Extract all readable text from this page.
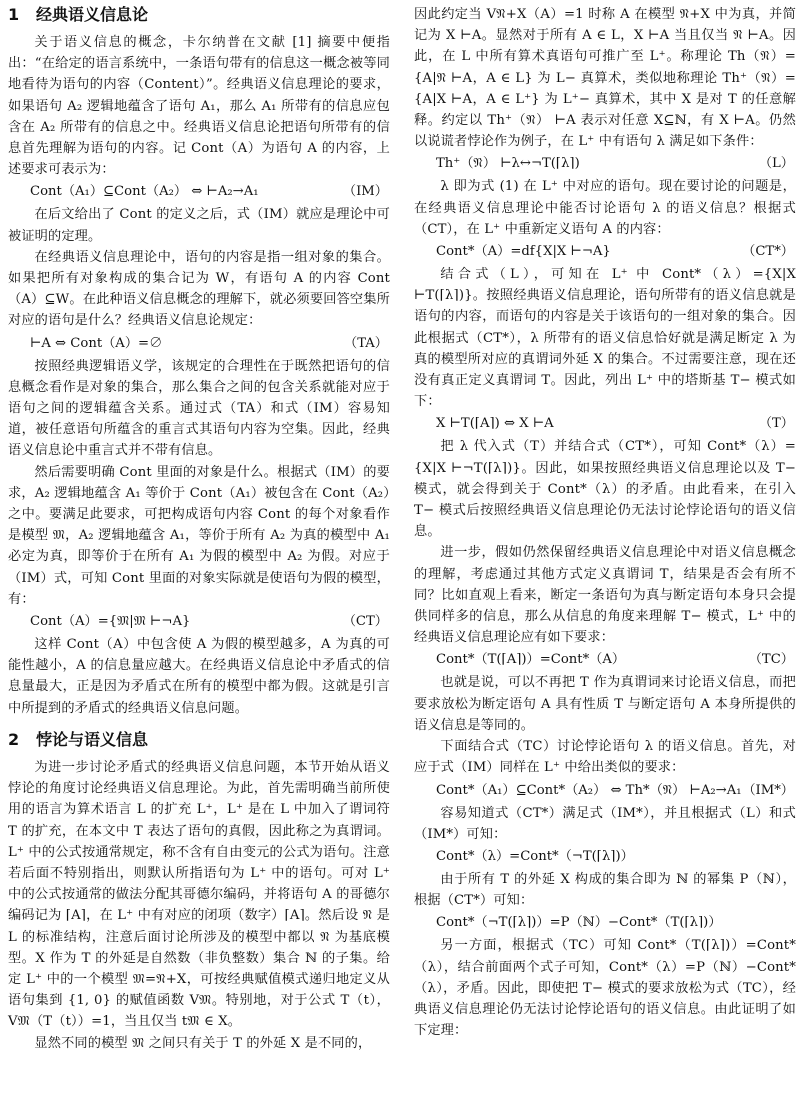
1 经典语义信息论

关于语义信息的概念，卡尔纳普在文献 [1] 摘要中便指出：“在给定的语言系统中，一条语句带有的信息这一概念被等同地看待为语句的内容（Content）”。经典语义信息理论的要求，如果语句 A₂ 逻辑地蕴含了语句 A₁，那么 A₁ 所带有的信息应包含在 A₂ 所带有的信息之中。经典语义信息论把语句所带有的信息首先理解为语句的内容。记 Cont（A）为语句 A 的内容，上述要求可表示为：

Cont（A₁）⊆Cont（A₂） ⇔ ⊢A₂→A₁	（IM）

在后文给出了 Cont 的定义之后，式（IM）就应是理论中可被证明的定理。

在经典语义信息理论中，语句的内容是指一组对象的集合。如果把所有对象构成的集合记为 W，有语句 A 的内容 Cont（A）⊆W。在此种语义信息概念的理解下，就必须要回答空集所对应的语句是什么？经典语义信息论规定：

⊢A ⇔ Cont（A）=∅	（TA）

按照经典逻辑语义学，该规定的合理性在于既然把语句的信息概念看作是对象的集合，那么集合之间的包含关系就能对应于语句之间的逻辑蕴含关系。通过式（TA）和式（IM）容易知道，被任意语句所蕴含的重言式其语句内容为空集。因此，经典语义信息论中重言式并不带有信息。

然后需要明确 Cont 里面的对象是什么。根据式（IM）的要求，A₂ 逻辑地蕴含 A₁ 等价于 Cont（A₁）被包含在 Cont（A₂）之中。要满足此要求，可把构成语句内容 Cont 的每个对象看作是模型 𝔐，A₂ 逻辑地蕴含 A₁，等价于所有 A₂ 为真的模型中 A₁ 必定为真，即等价于在所有 A₁ 为假的模型中 A₂ 为假。对应于（IM）式，可知 Cont 里面的对象实际就是使语句为假的模型，有：

Cont（A）={𝔐|𝔐 ⊢¬A}	（CT）

这样 Cont（A）中包含使 A 为假的模型越多，A 为真的可能性越小，A 的信息量应越大。在经典语义信息论中矛盾式的信息量最大，正是因为矛盾式在所有的模型中都为假。这就是引言中所提到的矛盾式的经典语义信息问题。

2 悖论与语义信息

为进一步讨论矛盾式的经典语义信息问题，本节开始从语义悖论的角度讨论经典语义信息理论。为此，首先需明确当前所使用的语言为算术语言 L 的扩充 L⁺，L⁺ 是在 L 中加入了谓词符 T 的扩充，在本文中 T 表达了语句的真假，因此称之为真谓词。L⁺ 中的公式按通常规定，称不含有自由变元的公式为语句。注意若后面不特别指出，则默认所指语句为 L⁺ 中的语句。可对 L⁺ 中的公式按通常的做法分配其哥德尔编码，并将语句 A 的哥德尔编码记为 ⌈A⌉，在 L⁺ 中有对应的闭项（数字）⌈A⌉。然后设 𝔑 是 L 的标准结构，注意后面讨论所涉及的模型中都以 𝔑 为基底模型。X 作为 T 的外延是自然数（非负整数）集合 ℕ 的子集。给定 L⁺ 中的一个模型 𝔐=𝔑+X，可按经典赋值模式递归地定义从语句集到 {1, 0} 的赋值函数 V𝔐。特别地，对于公式 T（t），V𝔐（T（t））=1，当且仅当 t𝔐 ∈ X。

显然不同的模型 𝔐 之间只有关于 T 的外延 X 是不同的，

因此约定当 V𝔑+X（A）=1 时称 A 在模型 𝔑+X 中为真，并简记为 X ⊢A。显然对于所有 A ∈ L，X ⊢A 当且仅当 𝔑 ⊢A。因此，在 L 中所有算术真语句可推广至 L⁺。称理论 Th（𝔑）={A|𝔑 ⊢A，A ∈ L} 为 L− 真算术，类似地称理论 Th⁺（𝔑）={A|X ⊢A，A ∈ L⁺} 为 L⁺− 真算术，其中 X 是对 T 的任意解释。约定以 Th⁺（𝔑） ⊢A 表示对任意 X⊆ℕ，有 X ⊢A。仍然以说谎者悖论作为例子，在 L⁺ 中有语句 λ 满足如下条件：

Th⁺（𝔑） ⊢λ↔¬T(⌈λ⌉)	（L）

λ 即为式 (1) 在 L⁺ 中对应的语句。现在要讨论的问题是，在经典语义信息理论中能否讨论语句 λ 的语义信息？根据式（CT），在 L⁺ 中重新定义语句 A 的内容：

Cont*（A）=df{X|X ⊢¬A}	（CT*）

结合式（L），可知在 L⁺ 中 Cont*（λ）={X|X ⊢T(⌈λ⌉)}。按照经典语义信息理论，语句所带有的语义信息就是语句的内容，而语句的内容是关于该语句的一组对象的集合。因此根据式（CT*），λ 所带有的语义信息恰好就是满足断定 λ 为真的模型所对应的真谓词外延 X 的集合。不过需要注意，现在还没有真正定义真谓词 T。因此，列出 L⁺ 中的塔斯基 T− 模式如下：

X ⊢T(⌈A⌉) ⇔ X ⊢A	（T）

把 λ 代入式（T）并结合式（CT*），可知 Cont*（λ）={X|X ⊢¬T(⌈λ⌉)}。因此，如果按照经典语义信息理论以及 T− 模式，就会得到关于 Cont*（λ）的矛盾。由此看来，在引入 T− 模式后按照经典语义信息理论仍无法讨论悖论语句的语义信息。

进一步，假如仍然保留经典语义信息理论中对语义信息概念的理解，考虑通过其他方式定义真谓词 T，结果是否会有所不同？比如直观上看来，断定一条语句为真与断定语句本身只会提供同样多的信息，那么从信息的角度来理解 T− 模式，L⁺ 中的经典语义信息理论应有如下要求：

Cont*（T(⌈A⌉)）=Cont*（A）	（TC）

也就是说，可以不再把 T 作为真谓词来讨论语义信息，而把要求放松为断定语句 A 具有性质 T 与断定语句 A 本身所提供的语义信息是等同的。

下面结合式（TC）讨论悖论语句 λ 的语义信息。首先，对应于式（IM）同样在 L⁺ 中给出类似的要求：

Cont*（A₁）⊆Cont*（A₂） ⇔ Th*（𝔑） ⊢A₂→A₁ （IM*）

容易知道式（CT*）满足式（IM*），并且根据式（L）和式（IM*）可知：

Cont*（λ）=Cont*（¬T(⌈λ⌉)）

由于所有 T 的外延 X 构成的集合即为 ℕ 的幂集 P（ℕ），根据（CT*）可知：

Cont*（¬T(⌈λ⌉)）=P（ℕ）−Cont*（T(⌈λ⌉)）

另一方面，根据式（TC）可知 Cont*（T(⌈λ⌉)）=Cont*（λ），结合前面两个式子可知，Cont*（λ）=P（ℕ）−Cont*（λ），矛盾。因此，即使把 T− 模式的要求放松为式（TC），经典语义信息理论仍无法讨论悖论语句的语义信息。由此证明了如下定理：
